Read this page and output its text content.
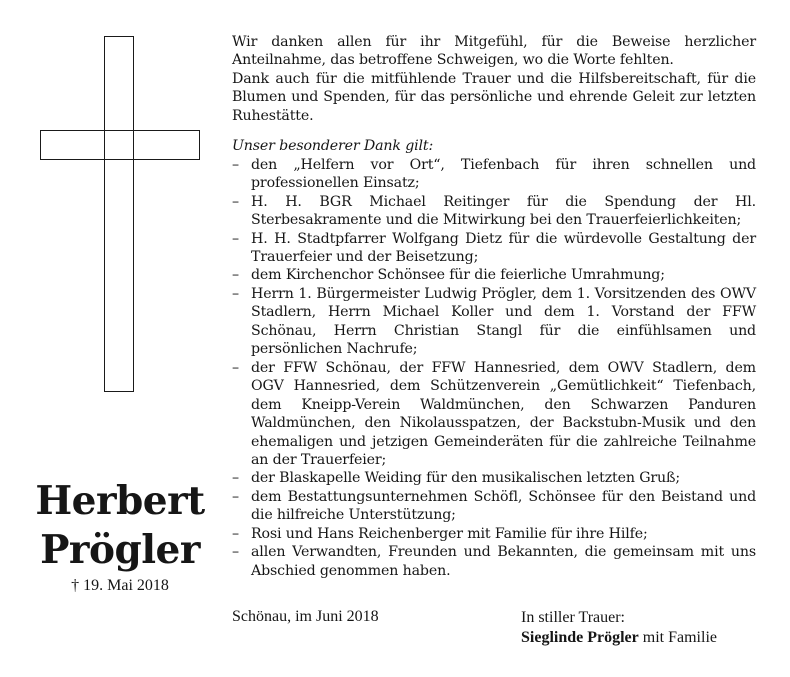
Herbert
Prögler
† 19. Mai 2018

Wir danken allen für ihr Mitgefühl, für die Beweise herzlicher Anteilnahme, das betroffene Schweigen, wo die Worte fehlten.

Dank auch für die mitfühlende Trauer und die Hilfsbereitschaft, für die Blumen und Spenden, für das persönliche und ehrende Geleit zur letzten Ruhestätte.

Unser besonderer Dank gilt:

– den „Helfern vor Ort“, Tiefenbach für ihren schnellen und professionellen Einsatz;
– H. H. BGR Michael Reitinger für die Spendung der Hl. Sterbesakramente und die Mitwirkung bei den Trauerfeierlichkeiten;
– H. H. Stadtpfarrer Wolfgang Dietz für die würdevolle Gestaltung der Trauerfeier und der Beisetzung;
– dem Kirchenchor Schönsee für die feierliche Umrahmung;
– Herrn 1. Bürgermeister Ludwig Prögler, dem 1. Vorsitzenden des OWV Stadlern, Herrn Michael Koller und dem 1. Vorstand der FFW Schönau, Herrn Christian Stangl für die einfühlsamen und persönlichen Nachrufe;
– der FFW Schönau, der FFW Hannesried, dem OWV Stadlern, dem OGV Hannesried, dem Schützenverein „Gemütlichkeit“ Tiefenbach, dem Kneipp-Verein Waldmünchen, den Schwarzen Panduren Waldmünchen, den Nikolausspatzen, der Backstubn-Musik und den ehemaligen und jetzigen Gemeinderäten für die zahlreiche Teilnahme an der Trauerfeier;
– der Blaskapelle Weiding für den musikalischen letzten Gruß;
– dem Bestattungsunternehmen Schöfl, Schönsee für den Beistand und die hilfreiche Unterstützung;
– Rosi und Hans Reichenberger mit Familie für ihre Hilfe;
– allen Verwandten, Freunden und Bekannten, die gemeinsam mit uns Abschied genommen haben.
Schönau, im Juni 2018	In stiller Trauer:
Sieglinde Prögler mit Familie
